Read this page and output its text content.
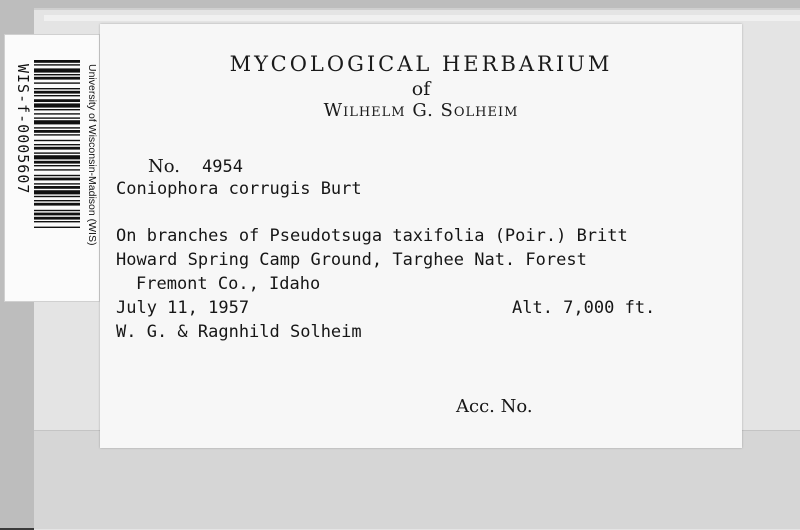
WIS-f-0005607	University of Wisconsin-Madison (WIS)	MYCOLOGICAL HERBARIUM
of
Wilhelm G. Solheim
No. 4954
Coniophora corrugis Burt
On branches of Pseudotsuga taxifolia (Poir.) Britt
Howard Spring Camp Ground, Targhee Nat. Forest
Fremont Co., Idaho
July 11, 1957	Alt. 7,000 ft.
W. G. & Ragnhild Solheim
Acc. No.
